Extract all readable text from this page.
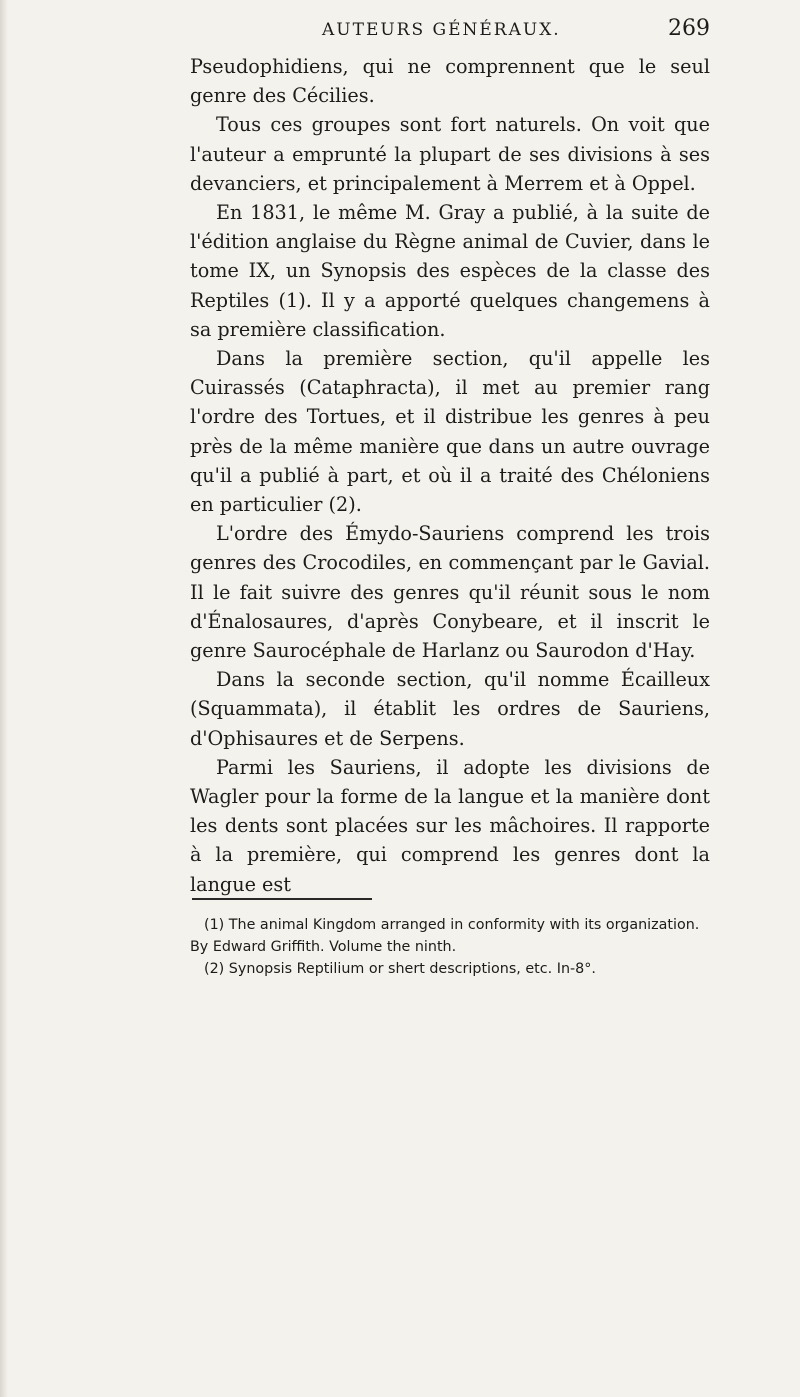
AUTEURS GÉNÉRAUX.	269

Pseudophidiens, qui ne comprennent que le seul genre des Cécilies.

Tous ces groupes sont fort naturels. On voit que l'auteur a emprunté la plupart de ses divisions à ses devanciers, et principalement à Merrem et à Oppel.

En 1831, le même M. Gray a publié, à la suite de l'édition anglaise du Règne animal de Cuvier, dans le tome IX, un Synopsis des espèces de la classe des Reptiles (1). Il y a apporté quelques changemens à sa première classification.

Dans la première section, qu'il appelle les Cuirassés (Cataphracta), il met au premier rang l'ordre des Tortues, et il distribue les genres à peu près de la même manière que dans un autre ouvrage qu'il a publié à part, et où il a traité des Chéloniens en particulier (2).

L'ordre des Émydo-Sauriens comprend les trois genres des Crocodiles, en commençant par le Gavial. Il le fait suivre des genres qu'il réunit sous le nom d'Énalosaures, d'après Conybeare, et il inscrit le genre Saurocéphale de Harlanz ou Saurodon d'Hay.

Dans la seconde section, qu'il nomme Écailleux (Squammata), il établit les ordres de Sauriens, d'Ophisaures et de Serpens.

Parmi les Sauriens, il adopte les divisions de Wagler pour la forme de la langue et la manière dont les dents sont placées sur les mâchoires. Il rapporte à la première, qui comprend les genres dont la langue est

(1) The animal Kingdom arranged in conformity with its organization. By Edward Griffith. Volume the ninth.

(2) Synopsis Reptilium or shert descriptions, etc. In-8°.
